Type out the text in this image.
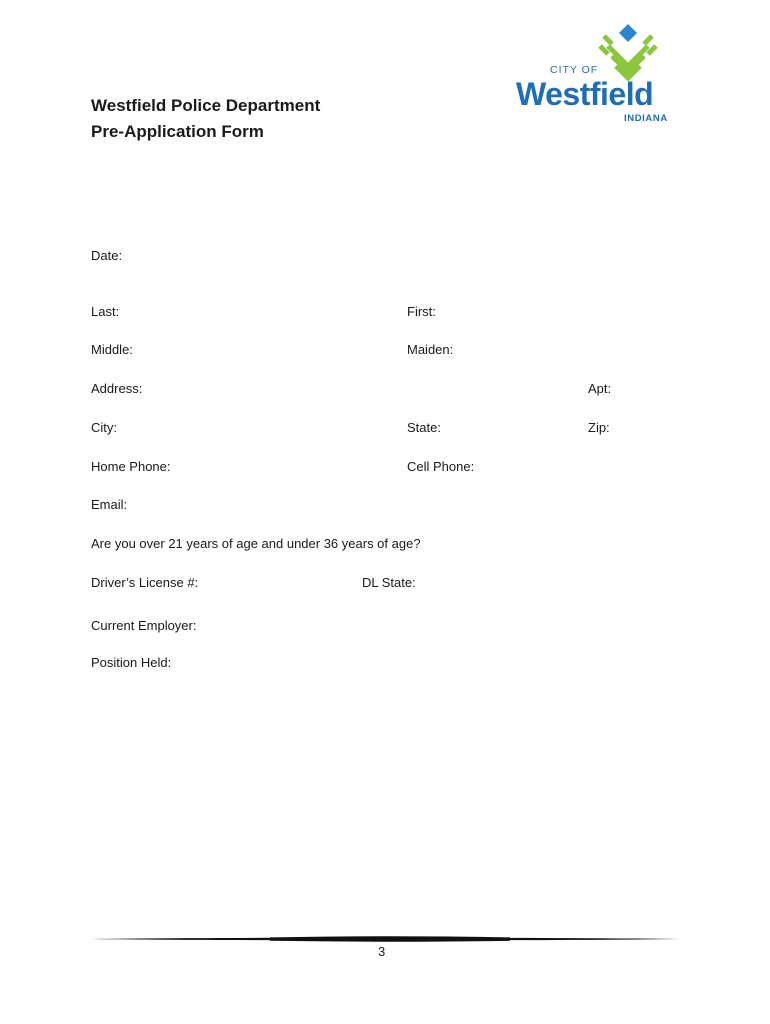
Westfield Police Department
Pre-Application Form
CITY OF
Westfield
INDIANA
Date:
Last:	First:
Middle:	Maiden:
Address:	Apt:
City:	State:	Zip:
Home Phone:	Cell Phone:
Email:
Are you over 21 years of age and under 36 years of age?
Driver’s License #:	DL State:
Current Employer:
Position Held:
3
